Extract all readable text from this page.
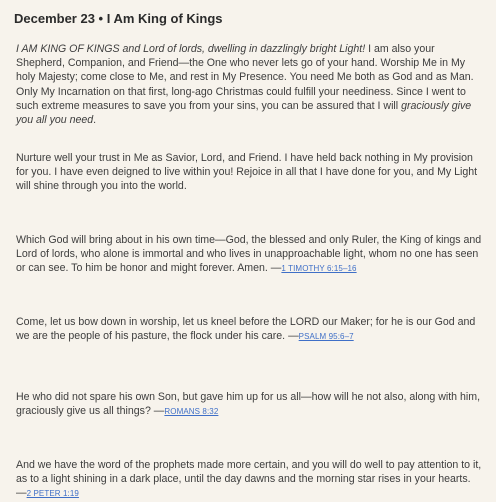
December 23 • I Am King of Kings

I AM KING OF KINGS and Lord of lords, dwelling in dazzlingly bright Light! I am also your Shepherd, Companion, and Friend—the One who never lets go of your hand. Worship Me in My holy Majesty; come close to Me, and rest in My Presence. You need Me both as God and as Man. Only My Incarnation on that first, long-ago Christmas could fulfill your neediness. Since I went to such extreme measures to save you from your sins, you can be assured that I will graciously give you all you need.

Nurture well your trust in Me as Savior, Lord, and Friend. I have held back nothing in My provision for you. I have even deigned to live within you! Rejoice in all that I have done for you, and My Light will shine through you into the world.

Which God will bring about in his own time—God, the blessed and only Ruler, the King of kings and Lord of lords, who alone is immortal and who lives in unapproachable light, whom no one has seen or can see. To him be honor and might forever. Amen. —1 TIMOTHY 6:15–16

Come, let us bow down in worship, let us kneel before the LORD our Maker; for he is our God and we are the people of his pasture, the flock under his care. —PSALM 95:6–7

He who did not spare his own Son, but gave him up for us all—how will he not also, along with him, graciously give us all things? —ROMANS 8:32

And we have the word of the prophets made more certain, and you will do well to pay attention to it, as to a light shining in a dark place, until the day dawns and the morning star rises in your hearts. —2 PETER 1:19
